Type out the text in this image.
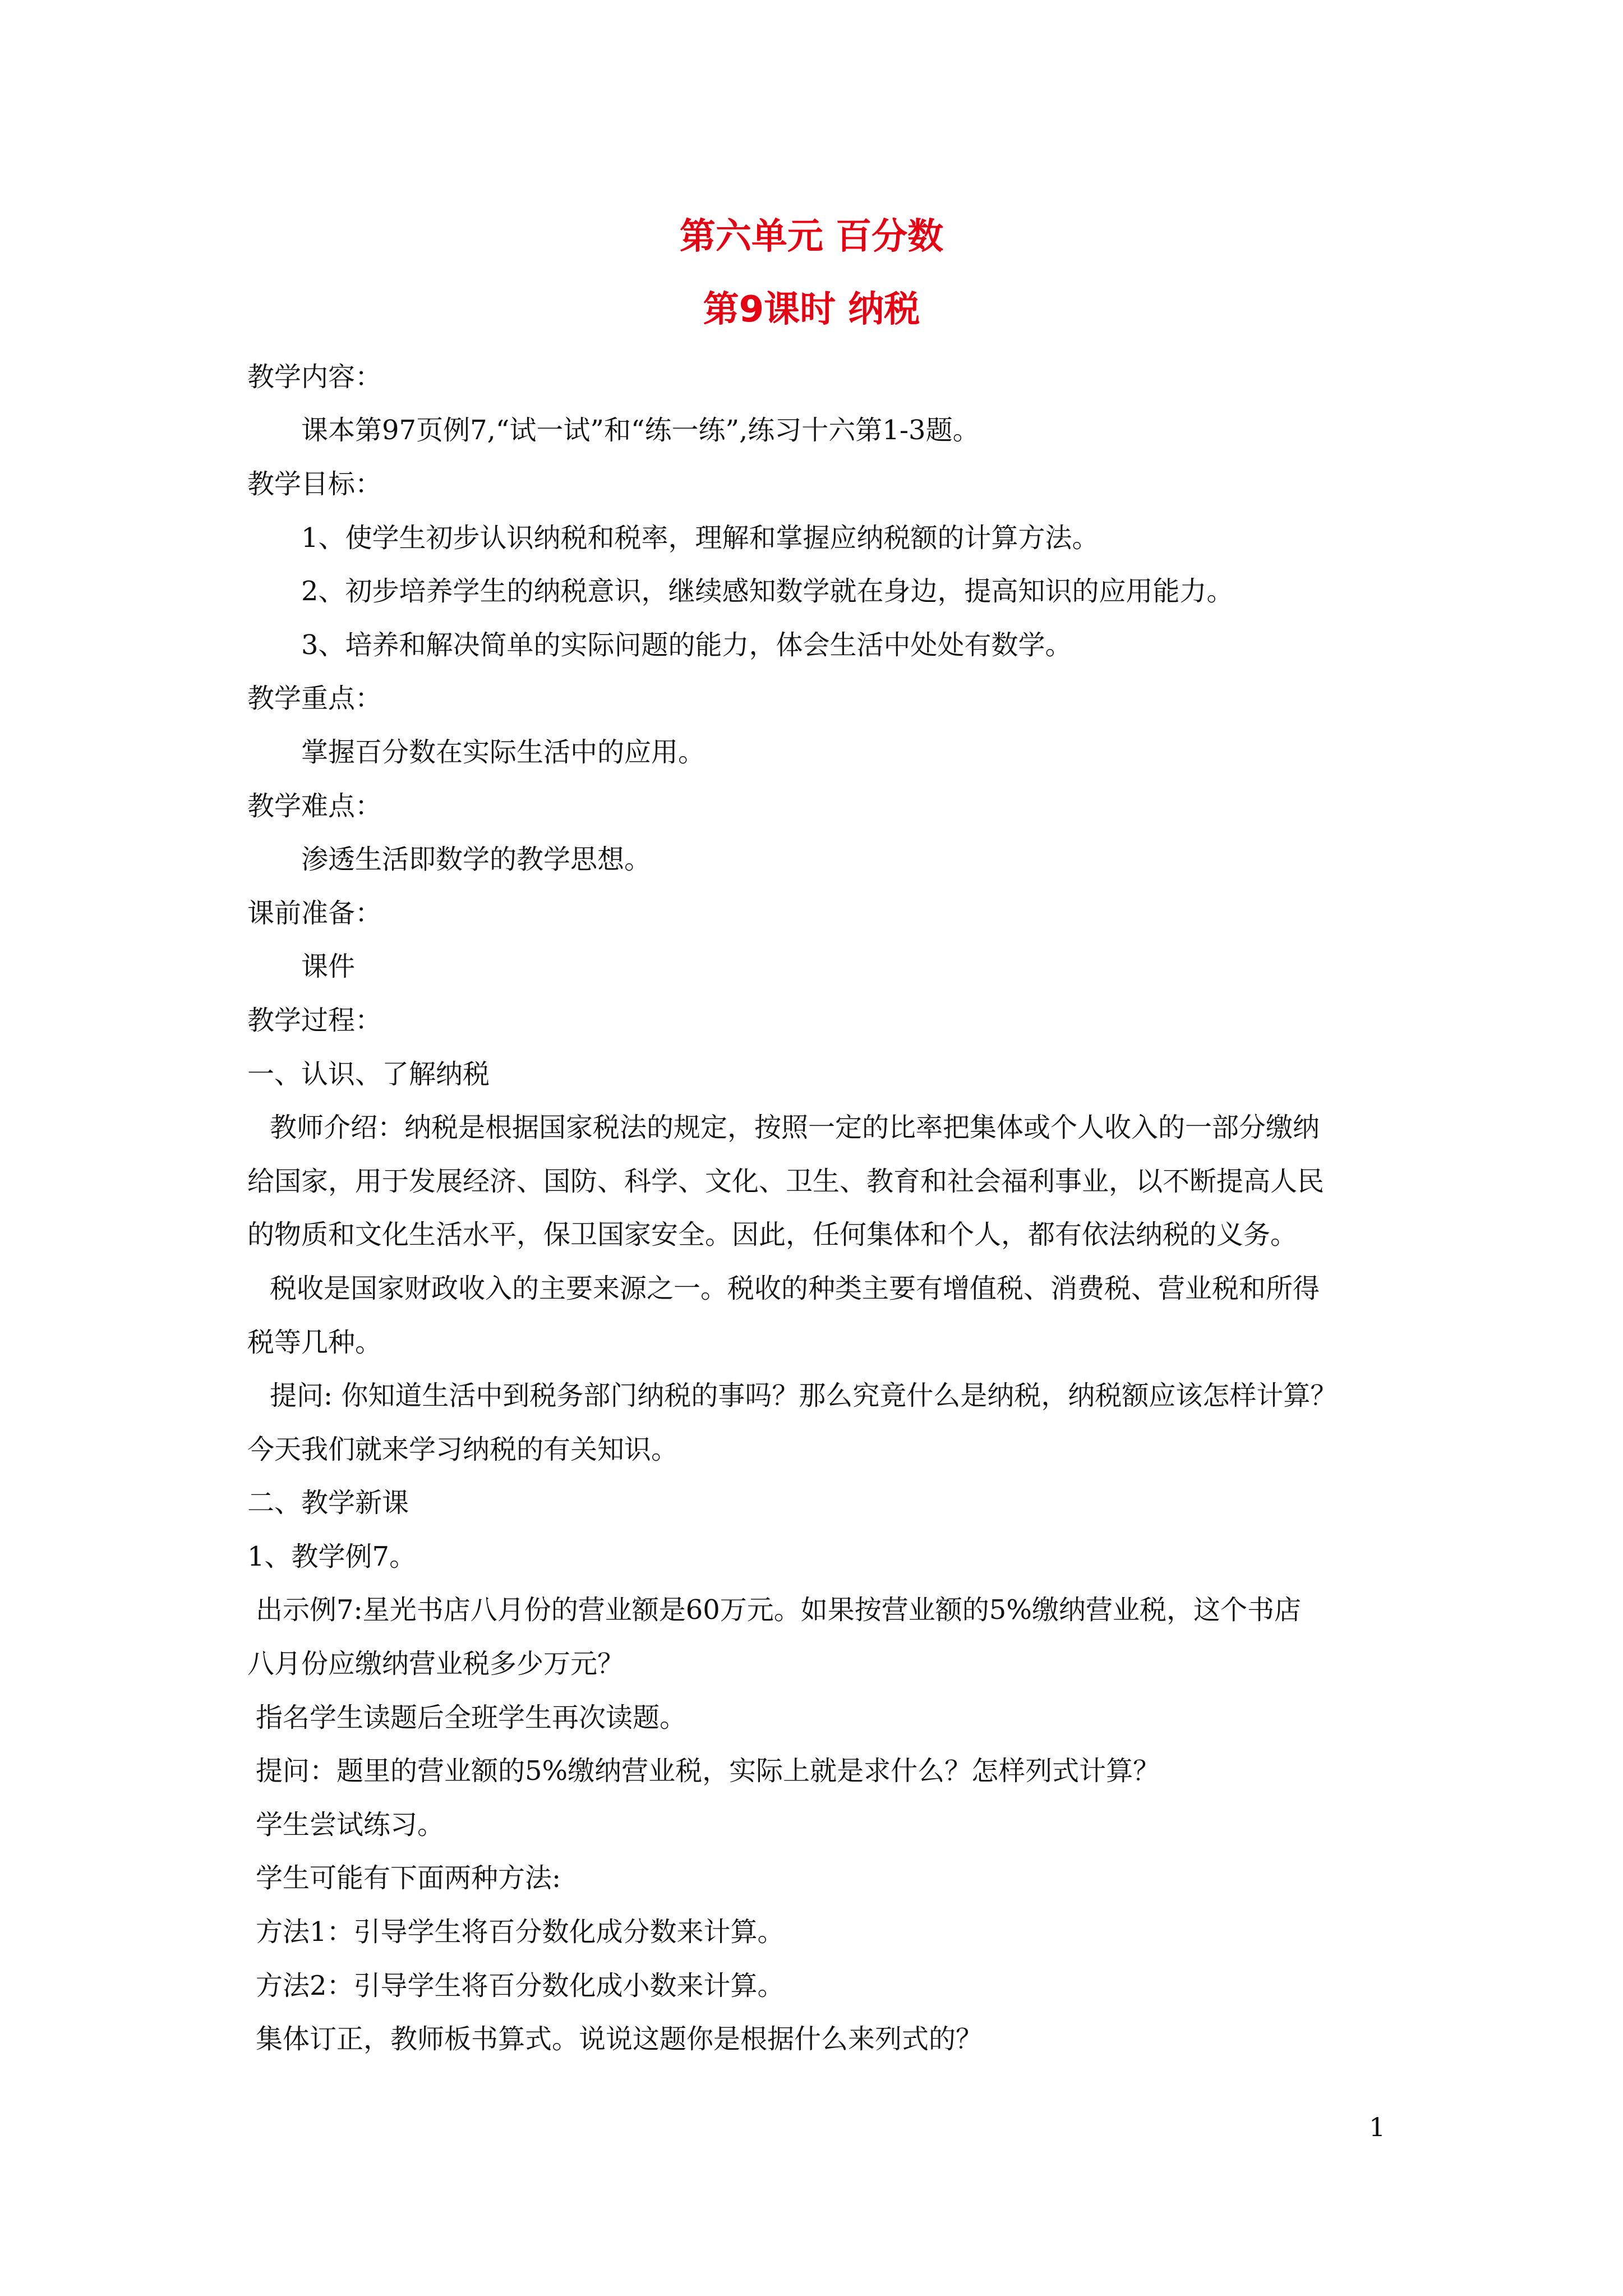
第六单元 百分数
第9课时 纳税
教学内容：
课本第97页例7,“试一试”和“练一练”,练习十六第1-3题。
教学目标：
1、使学生初步认识纳税和税率，理解和掌握应纳税额的计算方法。
2、初步培养学生的纳税意识，继续感知数学就在身边，提高知识的应用能力。
3、培养和解决简单的实际问题的能力，体会生活中处处有数学。
教学重点：
掌握百分数在实际生活中的应用。
教学难点：
渗透生活即数学的教学思想。
课前准备：
课件
教学过程：
一、认识、了解纳税
教师介绍：纳税是根据国家税法的规定，按照一定的比率把集体或个人收入的一部分缴纳
给国家，用于发展经济、国防、科学、文化、卫生、教育和社会福利事业，以不断提高人民
的物质和文化生活水平，保卫国家安全。因此，任何集体和个人，都有依法纳税的义务。
税收是国家财政收入的主要来源之一。税收的种类主要有增值税、消费税、营业税和所得
税等几种。
提问: 你知道生活中到税务部门纳税的事吗？那么究竟什么是纳税，纳税额应该怎样计算？
今天我们就来学习纳税的有关知识。
二、教学新课
1、教学例7。
出示例7:星光书店八月份的营业额是60万元。如果按营业额的5%缴纳营业税，这个书店
八月份应缴纳营业税多少万元？
指名学生读题后全班学生再次读题。
提问：题里的营业额的5%缴纳营业税，实际上就是求什么？怎样列式计算？
学生尝试练习。
学生可能有下面两种方法:
方法1：引导学生将百分数化成分数来计算。
方法2：引导学生将百分数化成小数来计算。
集体订正，教师板书算式。说说这题你是根据什么来列式的？
1
